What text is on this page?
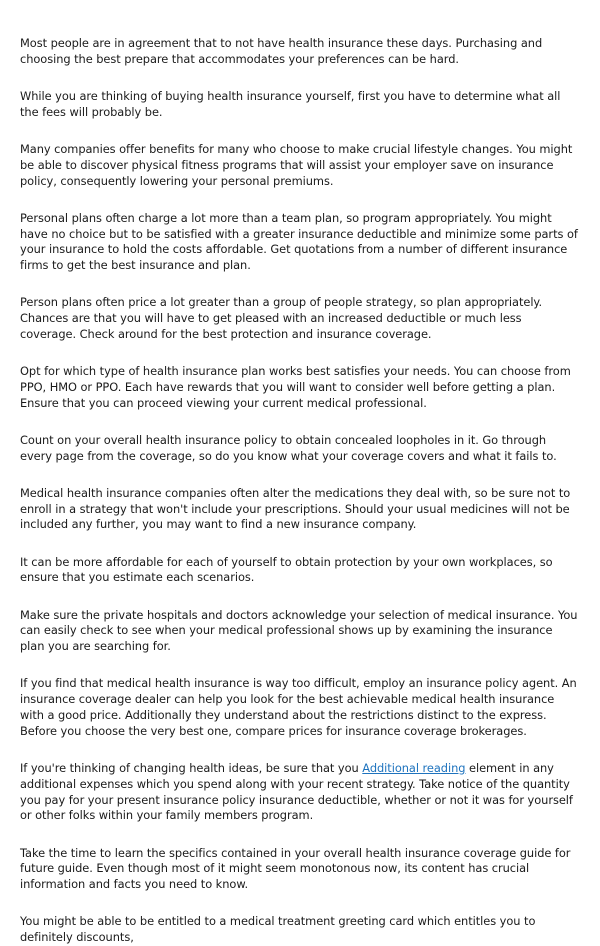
Most people are in agreement that to not have health insurance these days. Purchasing and choosing the best prepare that accommodates your preferences can be hard.

While you are thinking of buying health insurance yourself, first you have to determine what all the fees will probably be.

Many companies offer benefits for many who choose to make crucial lifestyle changes. You might be able to discover physical fitness programs that will assist your employer save on insurance policy, consequently lowering your personal premiums.

Personal plans often charge a lot more than a team plan, so program appropriately. You might have no choice but to be satisfied with a greater insurance deductible and minimize some parts of your insurance to hold the costs affordable. Get quotations from a number of different insurance firms to get the best insurance and plan.

Person plans often price a lot greater than a group of people strategy, so plan appropriately. Chances are that you will have to get pleased with an increased deductible or much less coverage. Check around for the best protection and insurance coverage.

Opt for which type of health insurance plan works best satisfies your needs. You can choose from PPO, HMO or PPO. Each have rewards that you will want to consider well before getting a plan. Ensure that you can proceed viewing your current medical professional.

Count on your overall health insurance policy to obtain concealed loopholes in it. Go through every page from the coverage, so do you know what your coverage covers and what it fails to.

Medical health insurance companies often alter the medications they deal with, so be sure not to enroll in a strategy that won't include your prescriptions. Should your usual medicines will not be included any further, you may want to find a new insurance company.

It can be more affordable for each of yourself to obtain protection by your own workplaces, so ensure that you estimate each scenarios.

Make sure the private hospitals and doctors acknowledge your selection of medical insurance. You can easily check to see when your medical professional shows up by examining the insurance plan you are searching for.

If you find that medical health insurance is way too difficult, employ an insurance policy agent. An insurance coverage dealer can help you look for the best achievable medical health insurance with a good price. Additionally they understand about the restrictions distinct to the express. Before you choose the very best one, compare prices for insurance coverage brokerages.

If you're thinking of changing health ideas, be sure that you Additional reading element in any additional expenses which you spend along with your recent strategy. Take notice of the quantity you pay for your present insurance policy insurance deductible, whether or not it was for yourself or other folks within your family members program.

Take the time to learn the specifics contained in your overall health insurance coverage guide for future guide. Even though most of it might seem monotonous now, its content has crucial information and facts you need to know.

You might be able to be entitled to a medical treatment greeting card which entitles you to definitely discounts,
